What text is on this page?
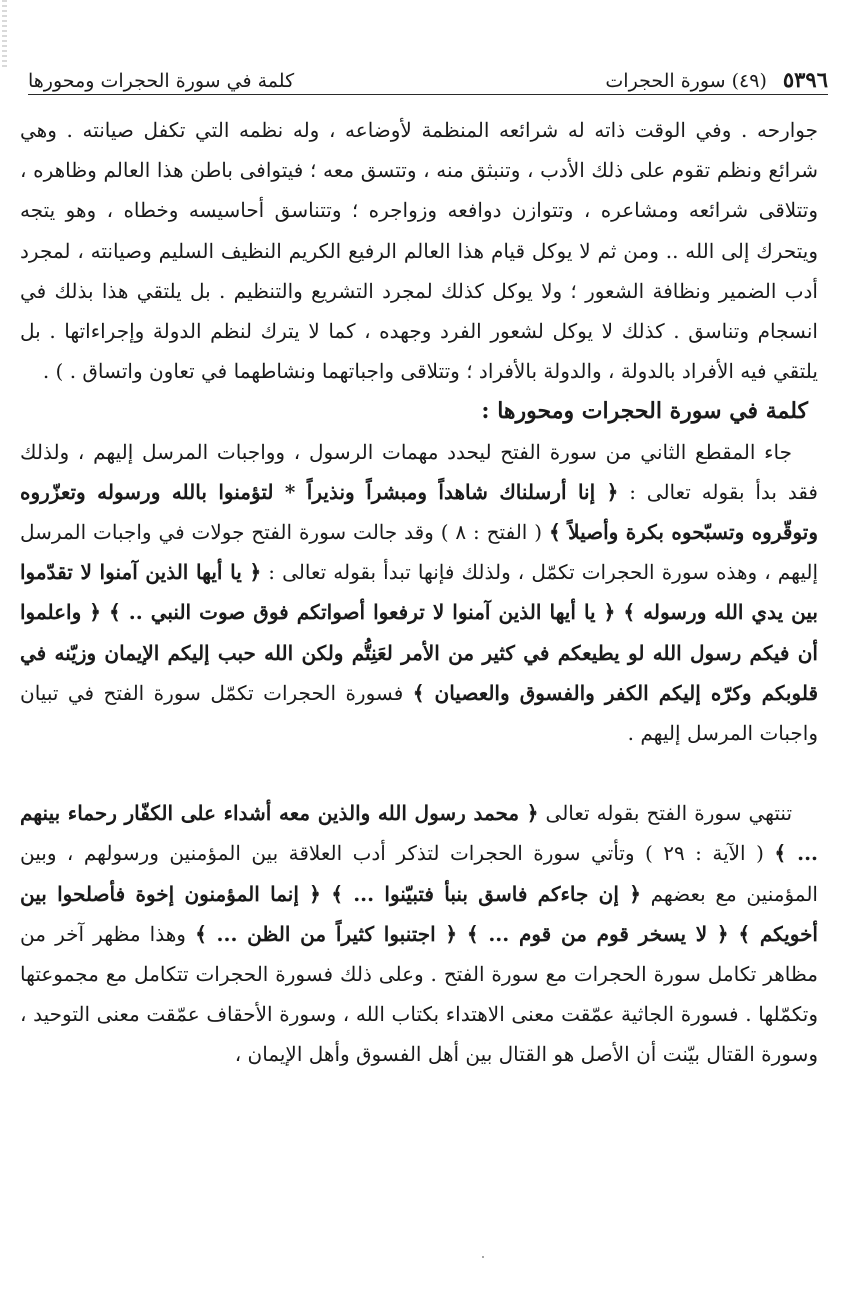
٥٣٩٦
(٤٩) سورة الحجرات
كلمة في سورة الحجرات ومحورها

جوارحه . وفي الوقت ذاته له شرائعه المنظمة لأوضاعه ، وله نظمه التي تكفل صيانته . وهي شرائع ونظم تقوم على ذلك الأدب ، وتنبثق منه ، وتتسق معه ؛ فيتوافى باطن هذا العالم وظاهره ، وتتلاقى شرائعه ومشاعره ، وتتوازن دوافعه وزواجره ؛ وتتناسق أحاسيسه وخطاه ، وهو يتجه ويتحرك إلى الله .. ومن ثم لا يوكل قيام هذا العالم الرفيع الكريم النظيف السليم وصيانته ، لمجرد أدب الضمير ونظافة الشعور ؛ ولا يوكل كذلك لمجرد التشريع والتنظيم . بل يلتقي هذا بذلك في انسجام وتناسق . كذلك لا يوكل لشعور الفرد وجهده ، كما لا يترك لنظم الدولة وإجراءاتها . بل يلتقي فيه الأفراد بالدولة ، والدولة بالأفراد ؛ وتتلاقى واجباتهما ونشاطهما في تعاون واتساق . ) .

كلمة في سورة الحجرات ومحورها :

جاء المقطع الثاني من سورة الفتح ليحدد مهمات الرسول ، وواجبات المرسل إليهم ، ولذلك فقد بدأ بقوله تعالى : ﴿ إنا أرسلناك شاهداً ومبشراً ونذيراً * لتؤمنوا بالله ورسوله وتعزّروه وتوقّروه وتسبّحوه بكرة وأصيلاً ﴾ ( الفتح : ٨ ) وقد جالت سورة الفتح جولات في واجبات المرسل إليهم ، وهذه سورة الحجرات تكمّل ، ولذلك فإنها تبدأ بقوله تعالى : ﴿ يا أيها الذين آمنوا لا تقدّموا بين يدي الله ورسوله ﴾ ﴿ يا أيها الذين آمنوا لا ترفعوا أصواتكم فوق صوت النبي .. ﴾ ﴿ واعلموا أن فيكم رسول الله لو يطيعكم في كثير من الأمر لعَنِتُّم ولكن الله حبب إليكم الإيمان وزيّنه في قلوبكم وكرّه إليكم الكفر والفسوق والعصيان ﴾ فسورة الحجرات تكمّل سورة الفتح في تبيان واجبات المرسل إليهم .

تنتهي سورة الفتح بقوله تعالى ﴿ محمد رسول الله والذين معه أشداء على الكفّار رحماء بينهم ... ﴾ ( الآية : ٢٩ ) وتأتي سورة الحجرات لتذكر أدب العلاقة بين المؤمنين ورسولهم ، وبين المؤمنين مع بعضهم ﴿ إن جاءكم فاسق بنبأ فتبيّنوا ... ﴾ ﴿ إنما المؤمنون إخوة فأصلحوا بين أخويكم ﴾ ﴿ لا يسخر قوم من قوم ... ﴾ ﴿ اجتنبوا كثيراً من الظن ... ﴾ وهذا مظهر آخر من مظاهر تكامل سورة الحجرات مع سورة الفتح . وعلى ذلك فسورة الحجرات تتكامل مع مجموعتها وتكمّلها . فسورة الجاثية عمّقت معنى الاهتداء بكتاب الله ، وسورة الأحقاف عمّقت معنى التوحيد ، وسورة القتال بيّنت أن الأصل هو القتال بين أهل الفسوق وأهل الإيمان ،
